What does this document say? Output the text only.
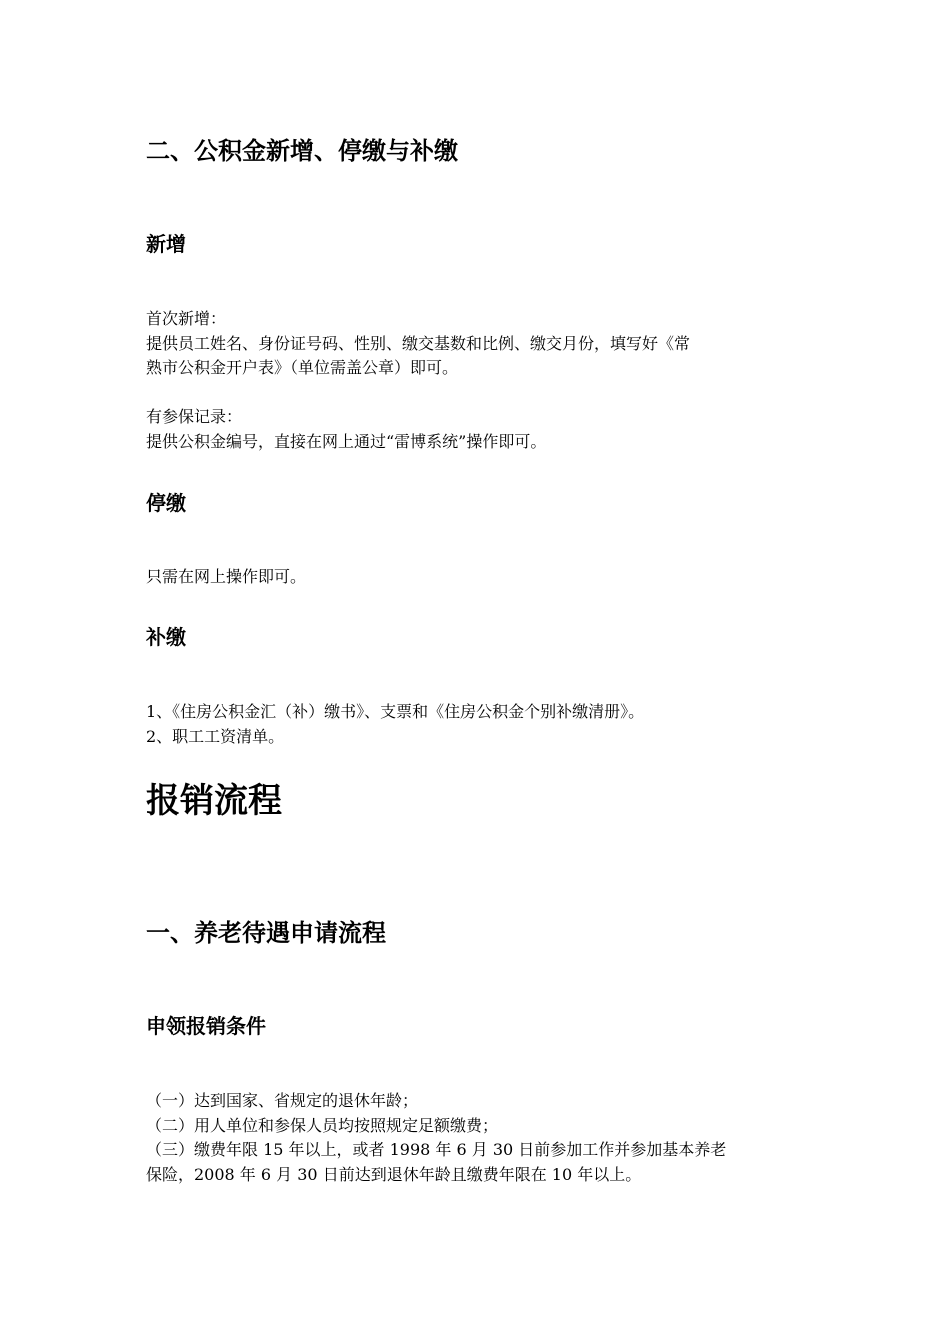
二、公积金新增、停缴与补缴
新增

首次新增：
提供员工姓名、身份证号码、性别、缴交基数和比例、缴交月份，填写好《常
熟市公积金开户表》（单位需盖公章）即可。

有参保记录：
提供公积金编号，直接在网上通过“雷博系统”操作即可。

停缴

只需在网上操作即可。

补缴

1、《住房公积金汇（补）缴书》、支票和《住房公积金个别补缴清册》。
2、职工工资清单。

报销流程
一、养老待遇申请流程
申领报销条件

（一）达到国家、省规定的退休年龄；
（二）用人单位和参保人员均按照规定足额缴费；
（三）缴费年限 15 年以上，或者 1998 年 6 月 30 日前参加工作并参加基本养老
保险，2008 年 6 月 30 日前达到退休年龄且缴费年限在 10 年以上。
